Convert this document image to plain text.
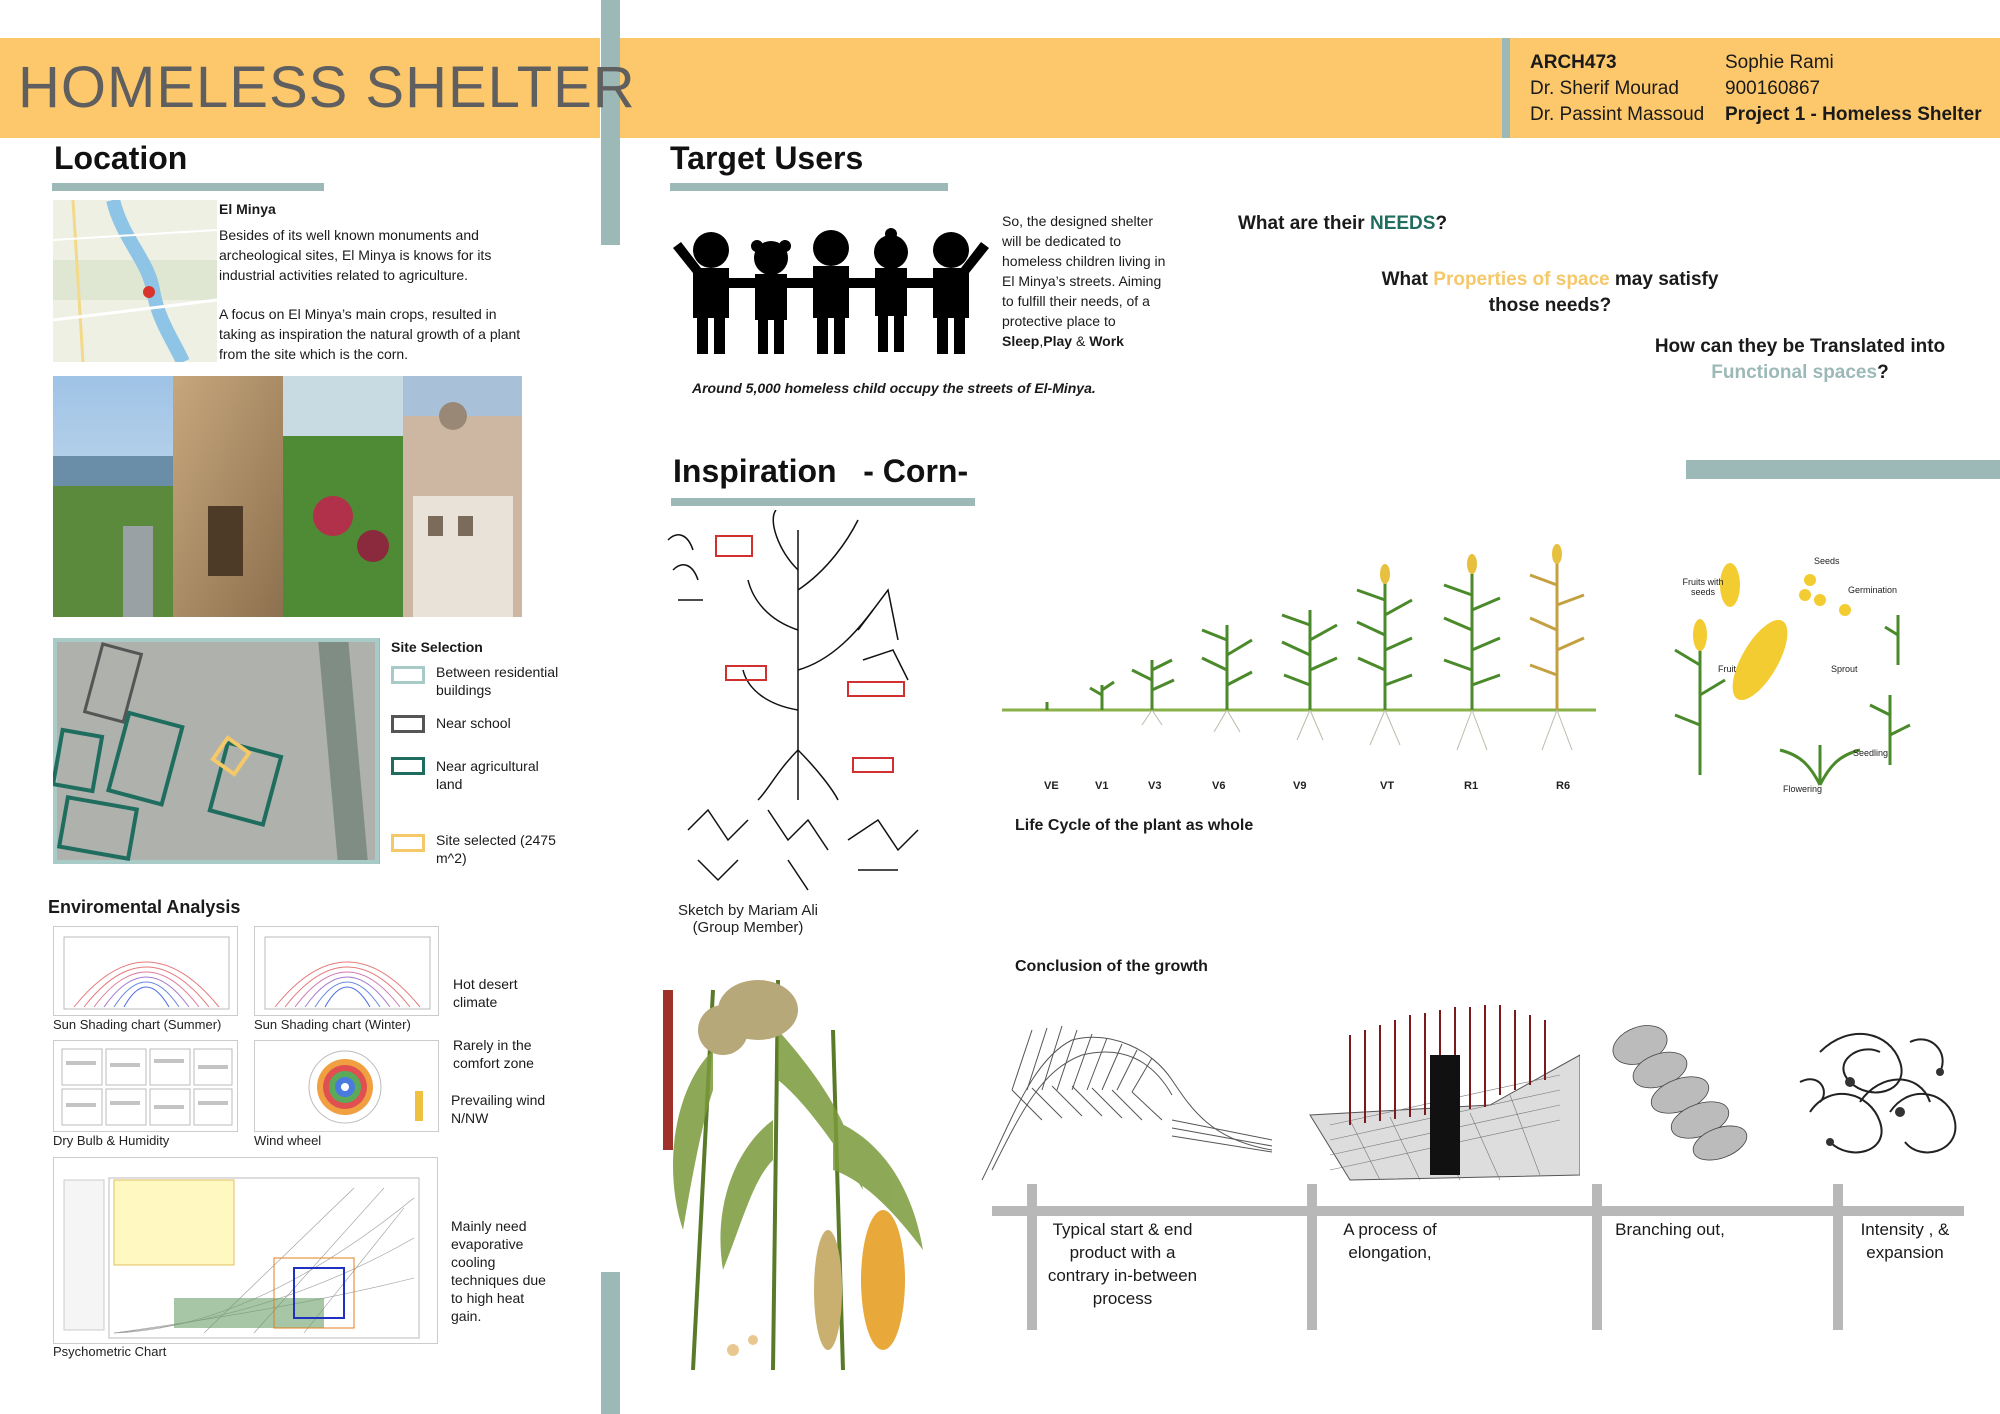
HOMELESS SHELTER	ARCH473
Dr. Sherif Mourad
Dr. Passint Massoud
Sophie Rami
900160867
Project 1 - Homeless Shelter
Location
El Minya
Besides of its well known monuments and archeological sites, El Minya is knows for its industrial activities related to agriculture.
A focus on El Minya’s main crops, resulted in taking as inspiration the natural growth of a plant from the site which is the corn.
Site Selection
Between residential buildings
Near school
Near agricultural land
Site selected (2475 m^2)
Enviromental Analysis
Sun Shading chart (Summer)	Sun Shading chart (Winter)
Dry Bulb & Humidity	Wind wheel
Psychometric Chart
Hot desert climate
Rarely in the comfort zone
Prevailing wind N/NW
Mainly need evaporative cooling techniques due to high heat gain.
Target Users
So, the designed shelter will be dedicated to homeless children living in El Minya’s streets. Aiming to fulfill their needs, of a protective place to
Sleep,Play & Work
Around 5,000 homeless child occupy the streets of El-Minya.
What are their NEEDS?
What Properties of space may satisfy
those needs?
How can they be Translated into
Functional spaces?
Inspiration   - Corn-
Sketch by Mariam Ali
(Group Member)
VE	V1	V3	V6	V9	VT	R1	R6
Life Cycle of the plant as whole
Seeds
Fruits with seeds	Germination
Fruit	Sprout
Seedling
Flowering
Conclusion of the growth
Typical start & end product with a contrary in-between process
A process of elongation,
Branching out,	Intensity , & expansion
